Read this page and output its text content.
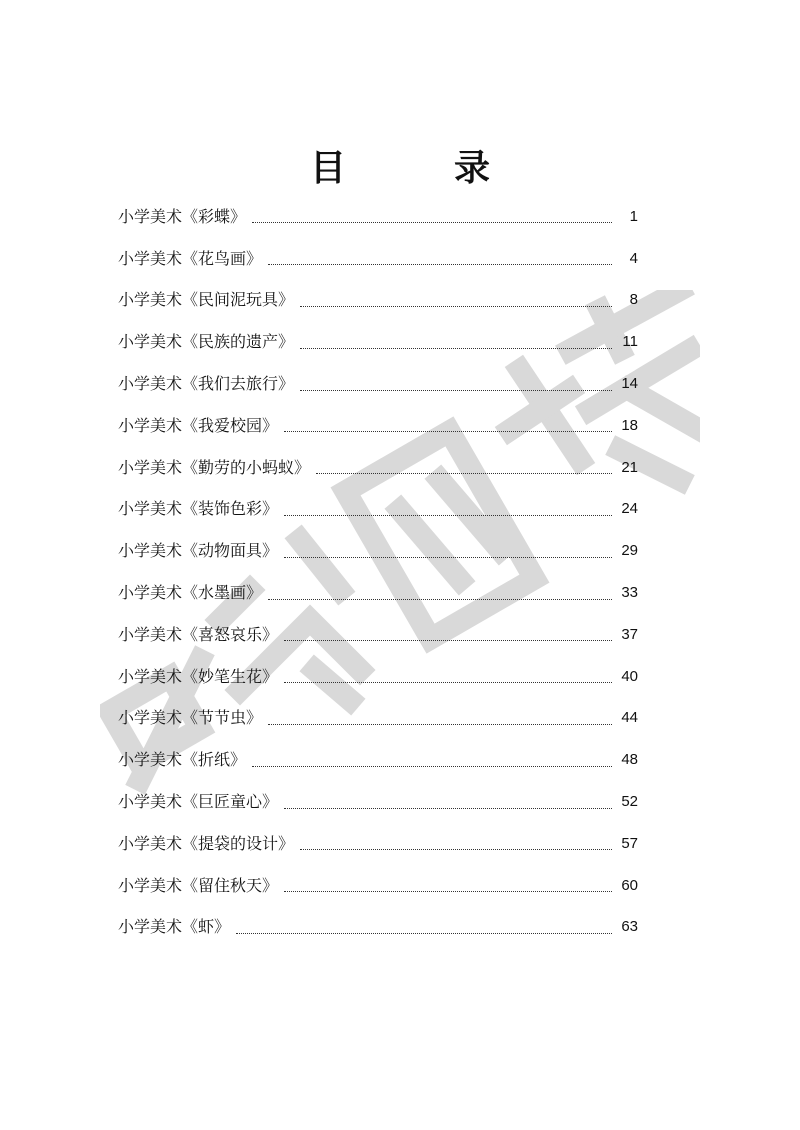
目　录
小学美术《彩蝶》	1
小学美术《花鸟画》	4
小学美术《民间泥玩具》	8
小学美术《民族的遗产》	11
小学美术《我们去旅行》	14
小学美术《我爱校园》	18
小学美术《勤劳的小蚂蚁》	21
小学美术《装饰色彩》	24
小学美术《动物面具》	29
小学美术《水墨画》	33
小学美术《喜怒哀乐》	37
小学美术《妙笔生花》	40
小学美术《节节虫》	44
小学美术《折纸》	48
小学美术《巨匠童心》	52
小学美术《提袋的设计》	57
小学美术《留住秋天》	60
小学美术《虾》	63
